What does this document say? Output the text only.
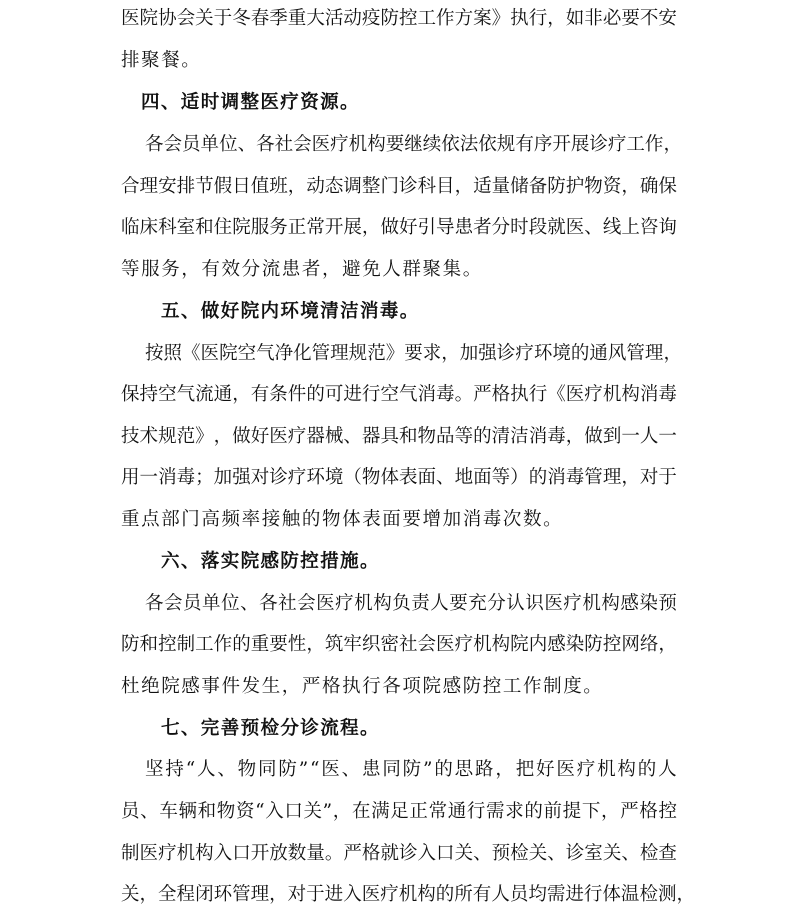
医 院 协 会 关 于 冬 春 季 重 大 活 动 疫 防 控 工 作 方 案 》 执 行 ， 如 非 必 要 不 安
排聚餐。
四、适时调整医疗资源。
各 会 员 单 位 、 各 社 会 医 疗 机 构 要 继 续 依 法 依 规 有 序 开 展 诊 疗 工 作 ，
合 理 安 排 节 假 日 值 班 ， 动 态 调 整 门 诊 科 目 ， 适 量 储 备 防 护 物 资 ， 确 保
临 床 科 室 和 住 院 服 务 正 常 开 展 ， 做 好 引 导 患 者 分 时 段 就 医 、 线 上 咨 询
等服务，有效分流患者，避免人群聚集。
五、做好院内环境清洁消毒。
按 照 《 医 院 空 气 净 化 管 理 规 范 》 要 求 ， 加 强 诊 疗 环 境 的 通 风 管 理 ，
保 持 空 气 流 通 ， 有 条 件 的 可 进 行 空 气 消 毒 。 严 格 执 行 《 医 疗 机 构 消 毒
技 术 规 范 》 ， 做 好 医 疗 器 械 、 器 具 和 物 品 等 的 清 洁 消 毒 ， 做 到 一 人 一
用 一 消 毒 ； 加 强 对 诊 疗 环 境 （ 物 体 表 面 、 地 面 等 ） 的 消 毒 管 理 ， 对 于
重点部门高频率接触的物体表面要增加消毒次数。
六、落实院感防控措施。
各 会 员 单 位 、 各 社 会 医 疗 机 构 负 责 人 要 充 分 认 识 医 疗 机 构 感 染 预
防 和 控 制 工 作 的 重 要 性 ， 筑 牢 织 密 社 会 医 疗 机 构 院 内 感 染 防 控 网 络 ，
杜绝院感事件发生，严格执行各项院感防控工作制度。
七、完善预检分诊流程。
坚 持 “ 人 、 物 同 防 ” “ 医 、 患 同 防 ” 的 思 路 ， 把 好 医 疗 机 构 的 人
员 、 车 辆 和 物 资 “ 入 口 关 ” ， 在 满 足 正 常 通 行 需 求 的 前 提 下 ， 严 格 控
制 医 疗 机 构 入 口 开 放 数 量 。 严 格 就 诊 入 口 关 、 预 检 关 、 诊 室 关 、 检 查
关 ， 全 程 闭 环 管 理 ， 对 于 进 入 医 疗 机 构 的 所 有 人 员 均 需 进 行 体 温 检 测 ，
